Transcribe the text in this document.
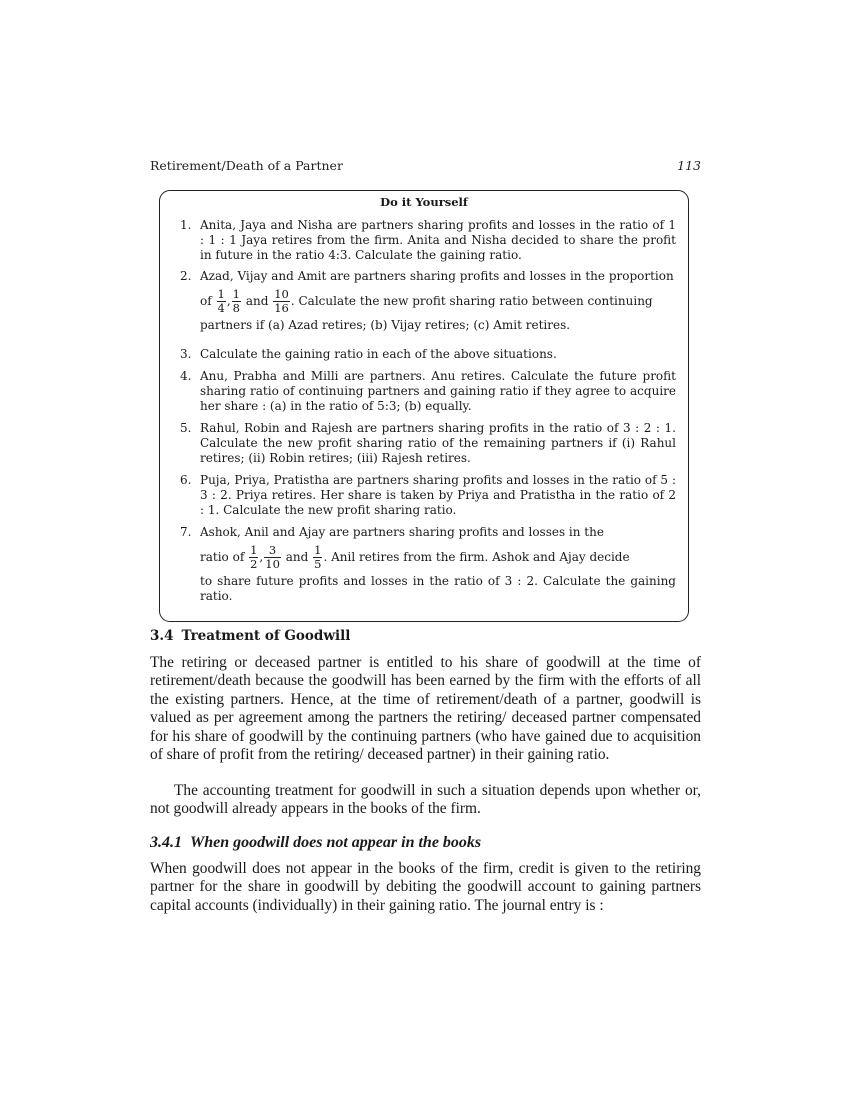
Retirement/Death of a Partner	113
Do it Yourself
1. Anita, Jaya and Nisha are partners sharing profits and losses in the ratio of 1 : 1 : 1 Jaya retires from the firm. Anita and Nisha decided to share the profit in future in the ratio 4:3. Calculate the gaining ratio.
2. Azad, Vijay and Amit are partners sharing profits and losses in the proportion
of $\frac{1}{4}$ , $\frac{1}{8}$ and $\frac{10}{16}$ . Calculate the new profit sharing ratio between continuing
partners if (a) Azad retires; (b) Vijay retires; (c) Amit retires.
3. Calculate the gaining ratio in each of the above situations.
4. Anu, Prabha and Milli are partners. Anu retires. Calculate the future profit sharing ratio of continuing partners and gaining ratio if they agree to acquire her share : (a) in the ratio of 5:3; (b) equally.
5. Rahul, Robin and Rajesh are partners sharing profits in the ratio of 3 : 2 : 1. Calculate the new profit sharing ratio of the remaining partners if (i) Rahul retires; (ii) Robin retires; (iii) Rajesh retires.
6. Puja, Priya, Pratistha are partners sharing profits and losses in the ratio of 5 : 3 : 2. Priya retires. Her share is taken by Priya and Pratistha in the ratio of 2 : 1. Calculate the new profit sharing ratio.
7. Ashok, Anil and Ajay are partners sharing profits and losses in the
ratio of $\frac{1}{2}$ , $\frac{3}{10}$ and $\frac{1}{5}$ . Anil retires from the firm. Ashok and Ajay decide
to share future profits and losses in the ratio of 3 : 2. Calculate the gaining ratio.
3.4 Treatment of Goodwill
The retiring or deceased partner is entitled to his share of goodwill at the time of retirement/death because the goodwill has been earned by the firm with the efforts of all the existing partners. Hence, at the time of retirement/death of a partner, goodwill is valued as per agreement among the partners the retiring/ deceased partner compensated for his share of goodwill by the continuing partners (who have gained due to acquisition of share of profit from the retiring/ deceased partner) in their gaining ratio.
The accounting treatment for goodwill in such a situation depends upon whether or, not goodwill already appears in the books of the firm.
3.4.1 When goodwill does not appear in the books
When goodwill does not appear in the books of the firm, credit is given to the retiring partner for the share in goodwill by debiting the goodwill account to gaining partners capital accounts (individually) in their gaining ratio. The journal entry is :
